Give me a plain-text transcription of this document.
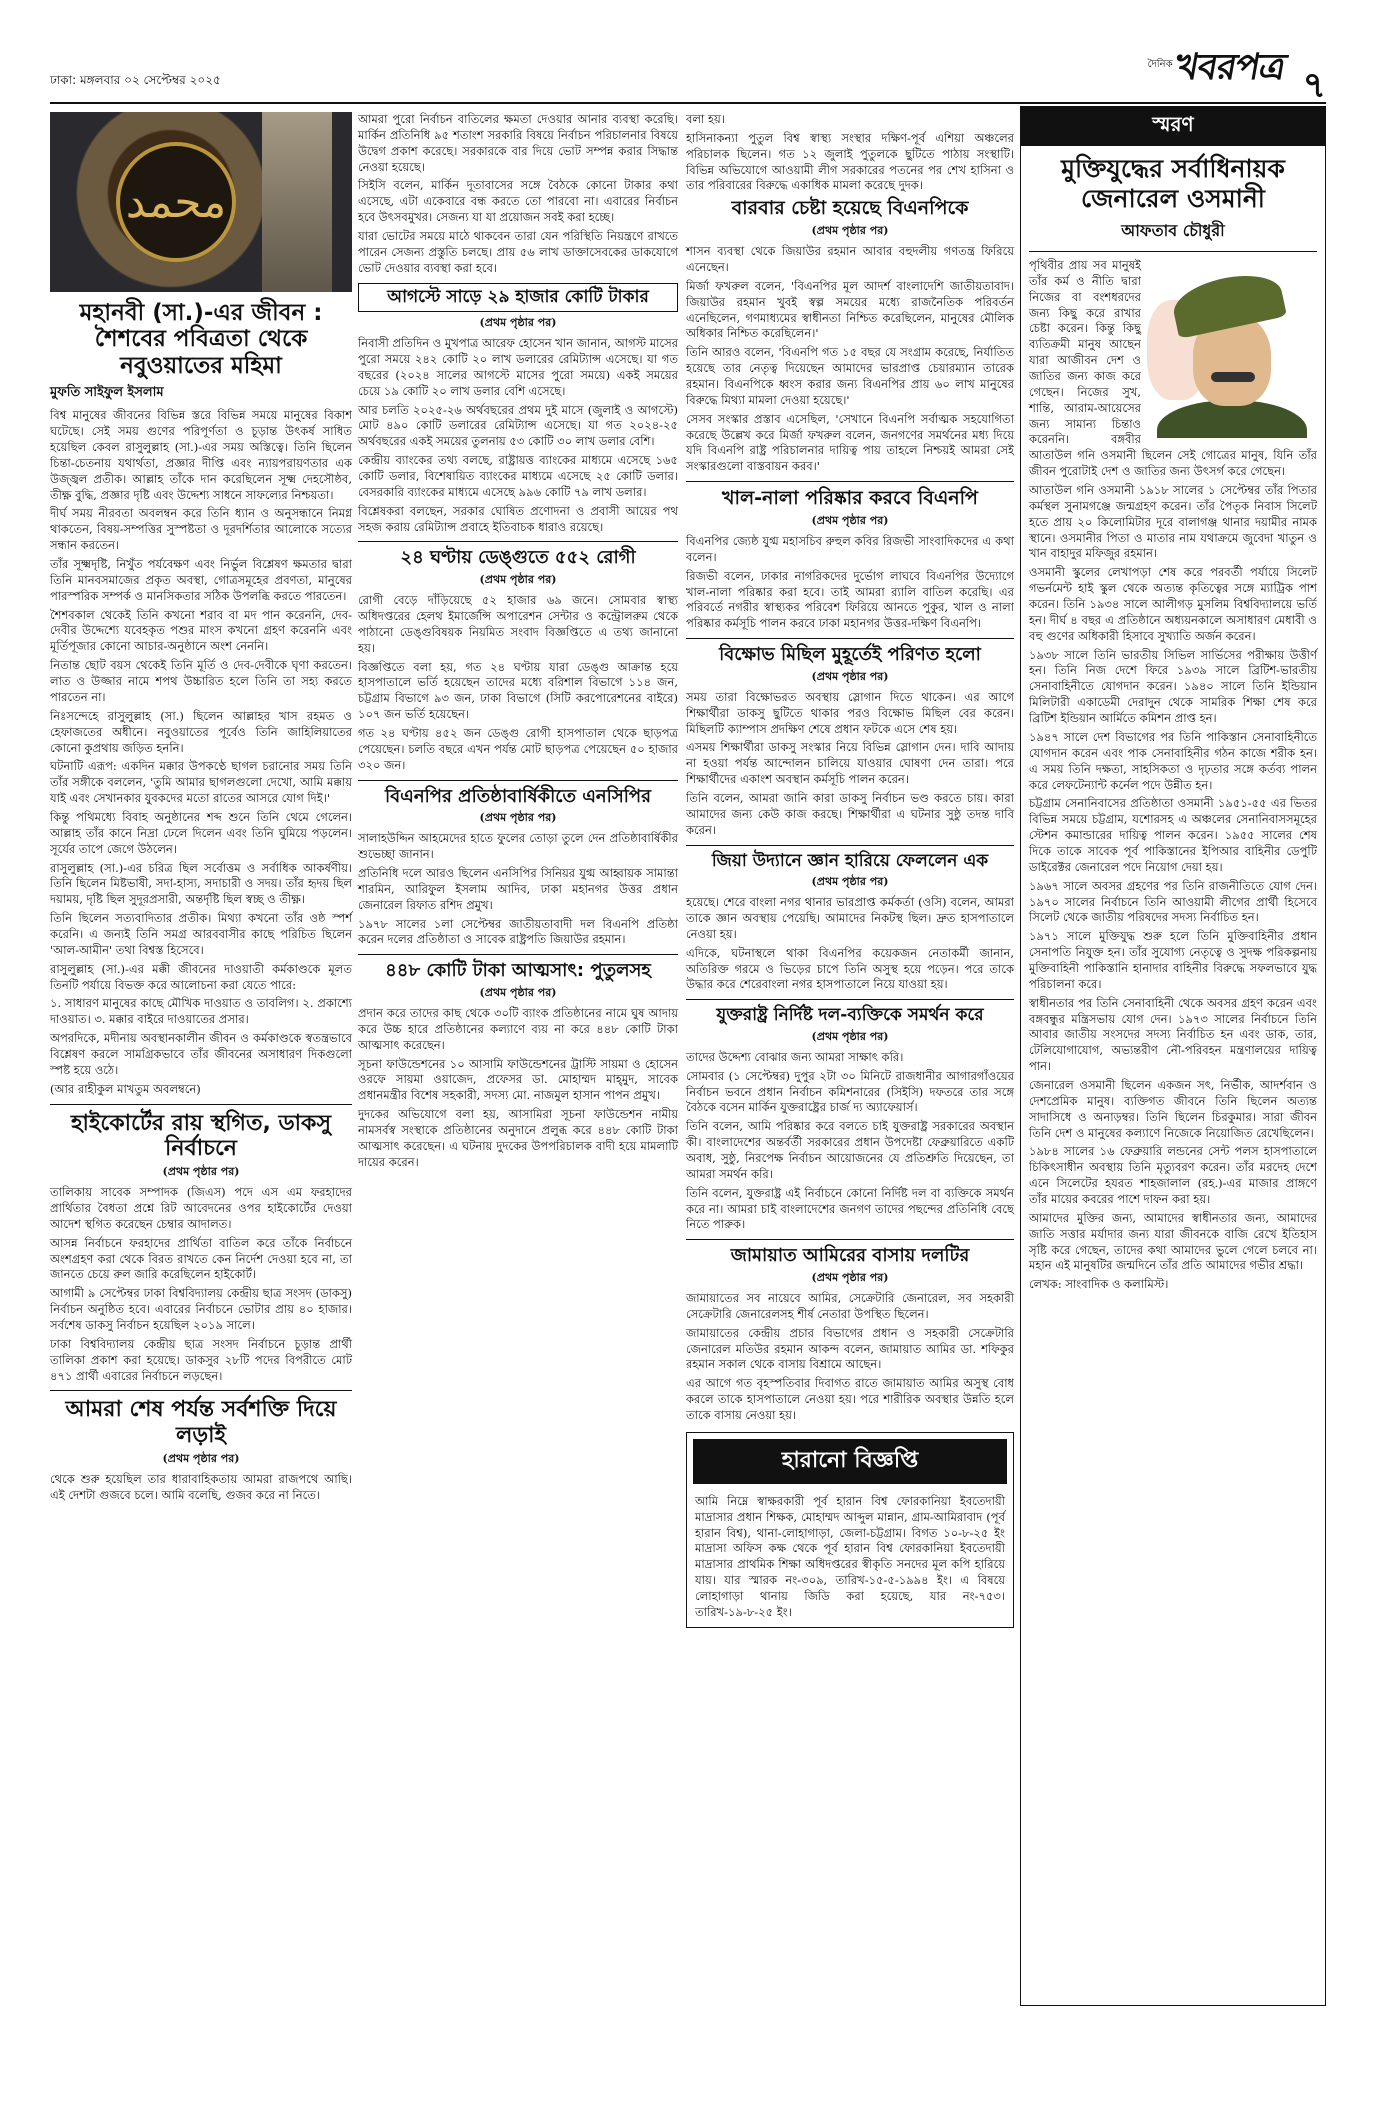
ঢাকা: মঙ্গলবার ০২ সেপ্টেম্বর ২০২৫
দৈনিক
খবরপত্র ৭
محمد
মহানবী (সা.)-এর জীবন : শৈশবের পবিত্রতা থেকে নবুওয়াতের মহিমা
মুফতি সাইফুল ইসলাম

বিশ্ব মানুষের জীবনের বিভিন্ন স্তরে বিভিন্ন সময়ে মানুষের বিকাশ ঘটেছে। সেই সময় গুণের পরিপূর্ণতা ও চূড়ান্ত উৎকর্ষ সাধিত হয়েছিল কেবল রাসুলুল্লাহ (সা.)-এর সময় অস্তিত্বে। তিনি ছিলেন চিন্তা-চেতনায় যথার্থতা, প্রজ্ঞার দীপ্তি এবং ন্যায়পরায়ণতার এক উজ্জ্বল প্রতীক। আল্লাহ তাঁকে দান করেছিলেন সূক্ষ্ম দেহসৌষ্ঠব, তীক্ষ্ণ বুদ্ধি, প্রজ্ঞার দৃষ্টি এবং উদ্দেশ্য সাধনে সাফল্যের নিশ্চয়তা।

দীর্ঘ সময় নীরবতা অবলম্বন করে তিনি ধ্যান ও অনুসন্ধানে নিমগ্ন থাকতেন, বিষয়-সম্পত্তির সুস্পষ্টতা ও দূরদর্শিতার আলোকে সত্যের সন্ধান করতেন।

তাঁর সূক্ষ্মদৃষ্টি, নিখুঁত পর্যবেক্ষণ এবং নির্ভুল বিশ্লেষণ ক্ষমতার দ্বারা তিনি মানবসমাজের প্রকৃত অবস্থা, গোত্রসমূহের প্রবণতা, মানুষের পারস্পরিক সম্পর্ক ও মানসিকতার সঠিক উপলব্ধি করতে পারতেন।

শৈশবকাল থেকেই তিনি কখনো শরাব বা মদ পান করেননি, দেব-দেবীর উদ্দেশ্যে যবেহকৃত পশুর মাংস কখনো গ্রহণ করেননি এবং মূর্তিপূজার কোনো আচার-অনুষ্ঠানে অংশ নেননি।

নিতান্ত ছোট বয়স থেকেই তিনি মূর্তি ও দেব-দেবীকে ঘৃণা করতেন। লাত ও উজ্জার নামে শপথ উচ্চারিত হলে তিনি তা সহ্য করতে পারতেন না।

নিঃসন্দেহে রাসুলুল্লাহ (সা.) ছিলেন আল্লাহর খাস রহমত ও হেফাজতের অধীনে। নবুওয়াতের পূর্বেও তিনি জাহিলিয়াতের কোনো কুপ্রথায় জড়িত হননি।

ঘটনাটি এরূপ: একদিন মক্কার উপকণ্ঠে ছাগল চরানোর সময় তিনি তাঁর সঙ্গীকে বললেন, 'তুমি আমার ছাগলগুলো দেখো, আমি মক্কায় যাই এবং সেখানকার যুবকদের মতো রাতের আসরে যোগ দিই।'

কিন্তু পথিমধ্যে বিবাহ অনুষ্ঠানের শব্দ শুনে তিনি থেমে গেলেন। আল্লাহ তাঁর কানে নিদ্রা ঢেলে দিলেন এবং তিনি ঘুমিয়ে পড়লেন। সূর্যের তাপে জেগে উঠলেন।

রাসুলুল্লাহ (সা.)-এর চরিত্র ছিল সর্বোত্তম ও সর্বাধিক আকর্ষণীয়। তিনি ছিলেন মিষ্টভাষী, সদা-হাস্য, সদাচারী ও সদয়। তাঁর হৃদয় ছিল দয়াময়, দৃষ্টি ছিল সুদূরপ্রসারী, অন্তর্দৃষ্টি ছিল স্বচ্ছ ও তীক্ষ্ণ।

তিনি ছিলেন সত্যবাদিতার প্রতীক। মিথ্যা কখনো তাঁর ওষ্ঠ স্পর্শ করেনি। এ জন্যই তিনি সমগ্র আরববাসীর কাছে পরিচিত ছিলেন 'আল-আমীন' তথা বিশ্বস্ত হিসেবে।

রাসুলুল্লাহ (সা.)-এর মক্কী জীবনের দাওয়াতী কর্মকাণ্ডকে মূলত তিনটি পর্যায়ে বিভক্ত করে আলোচনা করা যেতে পারে:

১. সাধারণ মানুষের কাছে মৌখিক দাওয়াত ও তাবলিগ। ২. প্রকাশ্যে দাওয়াত। ৩. মক্কার বাইরে দাওয়াতের প্রসার।

অপরদিকে, মদীনায় অবস্থানকালীন জীবন ও কর্মকাণ্ডকে স্বতন্ত্রভাবে বিশ্লেষণ করলে সামগ্রিকভাবে তাঁর জীবনের অসাধারণ দিকগুলো স্পষ্ট হয়ে ওঠে।

(আর রাহীকুল মাখতুম অবলম্বনে)

হাইকোর্টের রায় স্থগিত, ডাকসু নির্বাচনে
(প্রথম পৃষ্ঠার পর)

তালিকায় সাবেক সম্পাদক (জিএস) পদে এস এম ফরহাদের প্রার্থিতার বৈধতা প্রশ্নে রিট আবেদনের ওপর হাইকোর্টের দেওয়া আদেশ স্থগিত করেছেন চেম্বার আদালত।

আসন্ন নির্বাচনে ফরহাদের প্রার্থিতা বাতিল করে তাঁকে নির্বাচনে অংশগ্রহণ করা থেকে বিরত রাখতে কেন নির্দেশ দেওয়া হবে না, তা জানতে চেয়ে রুল জারি করেছিলেন হাইকোর্ট।

আগামী ৯ সেপ্টেম্বর ঢাকা বিশ্ববিদ্যালয় কেন্দ্রীয় ছাত্র সংসদ (ডাকসু) নির্বাচন অনুষ্ঠিত হবে। এবারের নির্বাচনে ভোটার প্রায় ৪০ হাজার। সর্বশেষ ডাকসু নির্বাচন হয়েছিল ২০১৯ সালে।

ঢাকা বিশ্ববিদ্যালয় কেন্দ্রীয় ছাত্র সংসদ নির্বাচনে চূড়ান্ত প্রার্থী তালিকা প্রকাশ করা হয়েছে। ডাকসুর ২৮টি পদের বিপরীতে মোট ৪৭১ প্রার্থী এবারের নির্বাচনে লড়ছেন।

আমরা শেষ পর্যন্ত সর্বশক্তি দিয়ে লড়াই
(প্রথম পৃষ্ঠার পর)

থেকে শুরু হয়েছিল তার ধারাবাহিকতায় আমরা রাজপথে আছি। এই দেশটা গুজবে চলে। আমি বলেছি, গুজব করে না নিতে।

আমরা পুরো নির্বাচন বাতিলের ক্ষমতা দেওয়ার আনার ব্যবস্থা করেছি। মার্কিন প্রতিনিধি ৯৫ শতাংশ সরকারি বিষয়ে নির্বাচন পরিচালনার বিষয়ে উদ্বেগ প্রকাশ করেছে। সরকারকে বার দিয়ে ভোট সম্পন্ন করার সিদ্ধান্ত নেওয়া হয়েছে।

সিইসি বলেন, মার্কিন দূতাবাসের সঙ্গে বৈঠকে কোনো টাকার কথা এসেছে, এটা একেবারে বন্ধ করতে তো পারবো না। এবারের নির্বাচন হবে উৎসবমুখর। সেজন্য যা যা প্রয়োজন সবই করা হচ্ছে।

যারা ভোটের সময়ে মাঠে থাকবেন তারা যেন পরিস্থিতি নিয়ন্ত্রণে রাখতে পারেন সেজন্য প্রস্তুতি চলছে। প্রায় ৫৬ লাখ ডাক্তাসেবকের ডাকযোগে ভোট দেওয়ার ব্যবস্থা করা হবে।

আগস্টে সাড়ে ২৯ হাজার কোটি টাকার
(প্রথম পৃষ্ঠার পর)

নিবাসী প্রতিদিন ও মুখপাত্র আরেফ হোসেন খান জানান, আগস্ট মাসের পুরো সময়ে ২৪২ কোটি ২০ লাখ ডলারের রেমিট্যান্স এসেছে। যা গত বছরের (২০২৪ সালের আগস্টে মাসের পুরো সময়ে) একই সময়ের চেয়ে ১৯ কোটি ২০ লাখ ডলার বেশি এসেছে।

আর চলতি ২০২৫-২৬ অর্থবছরের প্রথম দুই মাসে (জুলাই ও আগস্টে) মোট ৪৯০ কোটি ডলারের রেমিট্যান্স এসেছে। যা গত ২০২৪-২৫ অর্থবছরের একই সময়ের তুলনায় ৫৩ কোটি ৩০ লাখ ডলার বেশি।

কেন্দ্রীয় ব্যাংকের তথ্য বলছে, রাষ্ট্রায়ত্ত ব্যাংকের মাধ্যমে এসেছে ১৬৫ কোটি ডলার, বিশেষায়িত ব্যাংকের মাধ্যমে এসেছে ২৫ কোটি ডলার। বেসরকারি ব্যাংকের মাধ্যমে এসেছে ৯৯৬ কোটি ৭৯ লাখ ডলার।

বিশ্লেষকরা বলছেন, সরকার ঘোষিত প্রণোদনা ও প্রবাসী আয়ের পথ সহজ করায় রেমিট্যান্স প্রবাহে ইতিবাচক ধারাও রয়েছে।

২৪ ঘণ্টায় ডেঙ্গুতে ৫৫২ রোগী
(প্রথম পৃষ্ঠার পর)

রোগী বেড়ে দাঁড়িয়েছে ৫২ হাজার ৬৯ জনে। সোমবার স্বাস্থ্য অধিদপ্তরের হেলথ ইমার্জেন্সি অপারেশন সেন্টার ও কন্ট্রোলরুম থেকে পাঠানো ডেঙ্গুবিষয়ক নিয়মিত সংবাদ বিজ্ঞপ্তিতে এ তথ্য জানানো হয়।

বিজ্ঞপ্তিতে বলা হয়, গত ২৪ ঘণ্টায় যারা ডেঙ্গু আক্রান্ত হয়ে হাসপাতালে ভর্তি হয়েছেন তাদের মধ্যে বরিশাল বিভাগে ১১৪ জন, চট্টগ্রাম বিভাগে ৯৩ জন, ঢাকা বিভাগে (সিটি করপোরেশনের বাইরে) ১০৭ জন ভর্তি হয়েছেন।

গত ২৪ ঘণ্টায় ৪৫২ জন ডেঙ্গু রোগী হাসপাতাল থেকে ছাড়পত্র পেয়েছেন। চলতি বছরে এখন পর্যন্ত মোট ছাড়পত্র পেয়েছেন ৫০ হাজার ৩২০ জন।

বিএনপির প্রতিষ্ঠাবার্ষিকীতে এনসিপির
(প্রথম পৃষ্ঠার পর)

সালাহউদ্দিন আহমেদের হাতে ফুলের তোড়া তুলে দেন প্রতিষ্ঠাবার্ষিকীর শুভেচ্ছা জানান।

প্রতিনিধি দলে আরও ছিলেন এনসিপির সিনিয়র যুগ্ম আহ্বায়ক সামান্তা শারমিন, আরিফুল ইসলাম আদিব, ঢাকা মহানগর উত্তর প্রধান জেনারেল রিফাত রশিদ প্রমুখ।

১৯৭৮ সালের ১লা সেপ্টেম্বর জাতীয়তাবাদী দল বিএনপি প্রতিষ্ঠা করেন দলের প্রতিষ্ঠাতা ও সাবেক রাষ্ট্রপতি জিয়াউর রহমান।

৪৪৮ কোটি টাকা আত্মসাৎ: পুতুলসহ
(প্রথম পৃষ্ঠার পর)

প্রদান করে তাদের কাছ থেকে ৩০টি ব্যাংক প্রতিষ্ঠানের নামে ঘুষ আদায় করে উচ্চ হারে প্রতিষ্ঠানের কল্যাণে ব্যয় না করে ৪৪৮ কোটি টাকা আত্মসাৎ করেছেন।

সূচনা ফাউন্ডেশনের ১০ আসামি ফাউন্ডেশনের ট্রাস্টি সায়মা ও হোসেন ওরফে সায়মা ওয়াজেদ, প্রফেসর ডা. মোহাম্মদ মাহ্‌মুদ, সাবেক প্রধানমন্ত্রীর বিশেষ সহকারী, সদস্য মো. নাজমুল হাসান পাপন প্রমুখ।

দুদকের অভিযোগে বলা হয়, আসামিরা সূচনা ফাউন্ডেশন নামীয় নামসর্বস্ব সংস্থাকে প্রতিষ্ঠানের অনুদানে প্রলুব্ধ করে ৪৪৮ কোটি টাকা আত্মসাৎ করেছেন। এ ঘটনায় দুদকের উপপরিচালক বাদী হয়ে মামলাটি দায়ের করেন।

বলা হয়।

হাসিনাকন্যা পুতুল বিশ্ব স্বাস্থ্য সংস্থার দক্ষিণ-পূর্ব এশিয়া অঞ্চলের পরিচালক ছিলেন। গত ১২ জুলাই পুতুলকে ছুটিতে পাঠায় সংস্থাটি। বিভিন্ন অভিযোগে আওয়ামী লীগ সরকারের পতনের পর শেখ হাসিনা ও তার পরিবারের বিরুদ্ধে একাধিক মামলা করেছে দুদক।

বারবার চেষ্টা হয়েছে বিএনপিকে
(প্রথম পৃষ্ঠার পর)

শাসন ব্যবস্থা থেকে জিয়াউর রহমান আবার বহুদলীয় গণতন্ত্র ফিরিয়ে এনেছেন।

মির্জা ফখরুল বলেন, 'বিএনপির মূল আদর্শ বাংলাদেশি জাতীয়তাবাদ। জিয়াউর রহমান খুবই স্বল্প সময়ের মধ্যে রাজনৈতিক পরিবর্তন এনেছিলেন, গণমাধ্যমের স্বাধীনতা নিশ্চিত করেছিলেন, মানুষের মৌলিক অধিকার নিশ্চিত করেছিলেন।'

তিনি আরও বলেন, 'বিএনপি গত ১৫ বছর যে সংগ্রাম করেছে, নির্যাতিত হয়েছে তার নেতৃত্ব দিয়েছেন আমাদের ভারপ্রাপ্ত চেয়ারম্যান তারেক রহমান। বিএনপিকে ধ্বংস করার জন্য বিএনপির প্রায় ৬০ লাখ মানুষের বিরুদ্ধে মিথ্যা মামলা দেওয়া হয়েছে।'

সেসব সংস্কার প্রস্তাব এসেছিল, 'সেখানে বিএনপি সর্বাত্মক সহযোগিতা করেছে উল্লেখ করে মির্জা ফখরুল বলেন, জনগণের সমর্থনের মধ্য দিয়ে যদি বিএনপি রাষ্ট্র পরিচালনার দায়িত্ব পায় তাহলে নিশ্চয়ই আমরা সেই সংস্কারগুলো বাস্তবায়ন করব।'

খাল-নালা পরিষ্কার করবে বিএনপি
(প্রথম পৃষ্ঠার পর)

বিএনপির জ্যেষ্ঠ যুগ্ম মহাসচিব রুহুল কবির রিজভী সাংবাদিকদের এ কথা বলেন।

রিজভী বলেন, ঢাকার নাগরিকদের দুর্ভোগ লাঘবে বিএনপির উদ্যোগে খাল-নালা পরিষ্কার করা হবে। তাই আমরা র‍্যালি বাতিল করেছি। এর পরিবর্তে নগরীর স্বাস্থ্যকর পরিবেশ ফিরিয়ে আনতে পুকুর, খাল ও নালা পরিষ্কার কর্মসূচি পালন করবে ঢাকা মহানগর উত্তর-দক্ষিণ বিএনপি।

বিক্ষোভ মিছিল মুহূর্তেই পরিণত হলো
(প্রথম পৃষ্ঠার পর)

সময় তারা বিক্ষোভরত অবস্থায় স্লোগান দিতে থাকেন। এর আগে শিক্ষার্থীরা ডাকসু ছুটিতে থাকার পরও বিক্ষোভ মিছিল বের করেন। মিছিলটি ক্যাম্পাস প্রদক্ষিণ শেষে প্রধান ফটকে এসে শেষ হয়।

এসময় শিক্ষার্থীরা ডাকসু সংস্কার নিয়ে বিভিন্ন স্লোগান দেন। দাবি আদায় না হওয়া পর্যন্ত আন্দোলন চালিয়ে যাওয়ার ঘোষণা দেন তারা। পরে শিক্ষার্থীদের একাংশ অবস্থান কর্মসূচি পালন করেন।

তিনি বলেন, আমরা জানি কারা ডাকসু নির্বাচন ভণ্ড করতে চায়। কারা আমাদের জন্য কেউ কাজ করছে। শিক্ষার্থীরা এ ঘটনার সুষ্ঠু তদন্ত দাবি করেন।

জিয়া উদ্যানে জ্ঞান হারিয়ে ফেললেন এক
(প্রথম পৃষ্ঠার পর)

হয়েছে। শেরে বাংলা নগর থানার ভারপ্রাপ্ত কর্মকর্তা (ওসি) বলেন, আমরা তাকে জ্ঞান অবস্থায় পেয়েছি। আমাদের নিকটস্থ ছিল। দ্রুত হাসপাতালে নেওয়া হয়।

এদিকে, ঘটনাস্থলে থাকা বিএনপির কয়েকজন নেতাকর্মী জানান, অতিরিক্ত গরমে ও ভিড়ের চাপে তিনি অসুস্থ হয়ে পড়েন। পরে তাকে উদ্ধার করে শেরেবাংলা নগর হাসপাতালে নিয়ে যাওয়া হয়।

যুক্তরাষ্ট্র নির্দিষ্ট দল-ব্যক্তিকে সমর্থন করে
(প্রথম পৃষ্ঠার পর)

তাদের উদ্দেশ্য বোঝার জন্য আমরা সাক্ষাৎ করি।

সোমবার (১ সেপ্টেম্বর) দুপুর ২টা ৩০ মিনিটে রাজধানীর আগারগাঁওয়ের নির্বাচন ভবনে প্রধান নির্বাচন কমিশনারের (সিইসি) দফতরে তার সঙ্গে বৈঠকে বসেন মার্কিন যুক্তরাষ্ট্রের চার্জ দ্য অ্যাফেয়ার্স।

তিনি বলেন, আমি পরিষ্কার করে বলতে চাই যুক্তরাষ্ট্র সরকারের অবস্থান কী। বাংলাদেশের অন্তর্বর্তী সরকারের প্রধান উপদেষ্টা ফেব্রুয়ারিতে একটি অবাধ, সুষ্ঠু, নিরপেক্ষ নির্বাচন আয়োজনের যে প্রতিশ্রুতি দিয়েছেন, তা আমরা সমর্থন করি।

তিনি বলেন, যুক্তরাষ্ট্র এই নির্বাচনে কোনো নির্দিষ্ট দল বা ব্যক্তিকে সমর্থন করে না। আমরা চাই বাংলাদেশের জনগণ তাদের পছন্দের প্রতিনিধি বেছে নিতে পারুক।

জামায়াত আমিরের বাসায় দলটির
(প্রথম পৃষ্ঠার পর)

জামায়াতের সব নায়েবে আমির, সেক্রেটারি জেনারেল, সব সহকারী সেক্রেটারি জেনারেলসহ শীর্ষ নেতারা উপস্থিত ছিলেন।

জামায়াতের কেন্দ্রীয় প্রচার বিভাগের প্রধান ও সহকারী সেক্রেটারি জেনারেল মতিউর রহমান আকন্দ বলেন, জামায়াত আমির ডা. শফিকুর রহমান সকাল থেকে বাসায় বিশ্রামে আছেন।

এর আগে গত বৃহস্পতিবার দিবাগত রাতে জামায়াত আমির অসুস্থ বোধ করলে তাকে হাসপাতালে নেওয়া হয়। পরে শারীরিক অবস্থার উন্নতি হলে তাকে বাসায় নেওয়া হয়।

হারানো বিজ্ঞপ্তি
আমি নিম্নে স্বাক্ষরকারী পূর্ব হারান বিশ্ব ফোরকানিয়া ইবতেদায়ী মাদ্রাসার প্রধান শিক্ষক, মোহাম্মদ আব্দুল মান্নান, গ্রাম-আমিরাবাদ (পূর্ব হারান বিশ্ব), থানা-লোহাগাড়া, জেলা-চট্টগ্রাম। বিগত ১০-৮-২৫ ইং মাদ্রাসা অফিস কক্ষ থেকে পূর্ব হারান বিশ্ব ফোরকানিয়া ইবতেদায়ী মাদ্রাসার প্রাথমিক শিক্ষা অধিদপ্তরের স্বীকৃতি সনদের মূল কপি হারিয়ে যায়। যার স্মারক নং-৩০৯, তারিখ-১৫-৫-১৯৯৪ ইং। এ বিষয়ে লোহাগাড়া থানায় জিডি করা হয়েছে, যার নং-৭৫৩। তারিখ-১৯-৮-২৫ ইং।
স্মরণ
মুক্তিযুদ্ধের সর্বাধিনায়ক জেনারেল ওসমানী
আফতাব চৌধুরী

পৃথিবীর প্রায় সব মানুষই তাঁর কর্ম ও নীতি দ্বারা নিজের বা বংশধরদের জন্য কিছু করে রাখার চেষ্টা করেন। কিন্তু কিছু ব্যতিক্রমী মানুষ আছেন যারা আজীবন দেশ ও জাতির জন্য কাজ করে গেছেন। নিজের সুখ, শান্তি, আরাম-আয়েসের জন্য সামান্য চিন্তাও করেননি। বঙ্গবীর আতাউল গনি ওসমানী ছিলেন সেই গোত্রের মানুষ, যিনি তাঁর জীবন পুরোটাই দেশ ও জাতির জন্য উৎসর্গ করে গেছেন।

আতাউল গনি ওসমানী ১৯১৮ সালের ১ সেপ্টেম্বর তাঁর পিতার কর্মস্থল সুনামগঞ্জে জন্মগ্রহণ করেন। তাঁর পৈতৃক নিবাস সিলেট হতে প্রায় ২০ কিলোমিটার দূরে বালাগঞ্জ থানার দয়ামীর নামক স্থানে। ওসমানীর পিতা ও মাতার নাম যথাক্রমে জুবেদা খাতুন ও খান বাহাদুর মফিজুর রহমান।

ওসমানী স্কুলের লেখাপড়া শেষ করে পরবর্তী পর্যায়ে সিলেট গভর্নমেন্ট হাই স্কুল থেকে অত্যন্ত কৃতিত্বের সঙ্গে ম্যাট্রিক পাশ করেন। তিনি ১৯৩৪ সালে আলীগড় মুসলিম বিশ্ববিদ্যালয়ে ভর্তি হন। দীর্ঘ ৪ বছর এ প্রতিষ্ঠানে অধ্যয়নকালে অসাধারণ মেধাবী ও বহু গুণের অধিকারী হিসাবে সুখ্যাতি অর্জন করেন।

১৯৩৮ সালে তিনি ভারতীয় সিভিল সার্ভিসের পরীক্ষায় উত্তীর্ণ হন। তিনি নিজ দেশে ফিরে ১৯৩৯ সালে ব্রিটিশ-ভারতীয় সেনাবাহিনীতে যোগদান করেন। ১৯৪০ সালে তিনি ইন্ডিয়ান মিলিটারী একাডেমী দেরাদুন থেকে সামরিক শিক্ষা শেষ করে ব্রিটিশ ইন্ডিয়ান আর্মিতে কমিশন প্রাপ্ত হন।

১৯৪৭ সালে দেশ বিভাগের পর তিনি পাকিস্তান সেনাবাহিনীতে যোগদান করেন এবং পাক সেনাবাহিনীর গঠন কাজে শরীক হন। এ সময় তিনি দক্ষতা, সাহসিকতা ও দৃঢ়তার সঙ্গে কর্তব্য পালন করে লেফটেন্যান্ট কর্নেল পদে উন্নীত হন।

চট্টগ্রাম সেনানিবাসের প্রতিষ্ঠাতা ওসমানী ১৯৫১-৫৫ এর ভিতর বিভিন্ন সময়ে চট্টগ্রাম, যশোরসহ এ অঞ্চলের সেনানিবাসসমূহের স্টেশন কমান্ডারের দায়িত্ব পালন করেন। ১৯৫৫ সালের শেষ দিকে তাকে সাবেক পূর্ব পাকিস্তানের ইপিআর বাহিনীর ডেপুটি ডাইরেক্টর জেনারেল পদে নিয়োগ দেয়া হয়।

১৯৬৭ সালে অবসর গ্রহণের পর তিনি রাজনীতিতে যোগ দেন। ১৯৭০ সালের নির্বাচনে তিনি আওয়ামী লীগের প্রার্থী হিসেবে সিলেট থেকে জাতীয় পরিষদের সদস্য নির্বাচিত হন।

১৯৭১ সালে মুক্তিযুদ্ধ শুরু হলে তিনি মুক্তিবাহিনীর প্রধান সেনাপতি নিযুক্ত হন। তাঁর সুযোগ্য নেতৃত্বে ও সুদক্ষ পরিকল্পনায় মুক্তিবাহিনী পাকিস্তানি হানাদার বাহিনীর বিরুদ্ধে সফলভাবে যুদ্ধ পরিচালনা করে।

স্বাধীনতার পর তিনি সেনাবাহিনী থেকে অবসর গ্রহণ করেন এবং বঙ্গবন্ধুর মন্ত্রিসভায় যোগ দেন। ১৯৭৩ সালের নির্বাচনে তিনি আবার জাতীয় সংসদের সদস্য নির্বাচিত হন এবং ডাক, তার, টেলিযোগাযোগ, অভ্যন্তরীণ নৌ-পরিবহন মন্ত্রণালয়ের দায়িত্ব পান।

জেনারেল ওসমানী ছিলেন একজন সৎ, নির্ভীক, আদর্শবান ও দেশপ্রেমিক মানুষ। ব্যক্তিগত জীবনে তিনি ছিলেন অত্যন্ত সাদাসিধে ও অনাড়ম্বর। তিনি ছিলেন চিরকুমার। সারা জীবন তিনি দেশ ও মানুষের কল্যাণে নিজেকে নিয়োজিত রেখেছিলেন।

১৯৮৪ সালের ১৬ ফেব্রুয়ারি লন্ডনের সেন্ট পলস হাসপাতালে চিকিৎসাধীন অবস্থায় তিনি মৃত্যুবরণ করেন। তাঁর মরদেহ দেশে এনে সিলেটের হযরত শাহজালাল (রহ.)-এর মাজার প্রাঙ্গণে তাঁর মায়ের কবরের পাশে দাফন করা হয়।

আমাদের মুক্তির জন্য, আমাদের স্বাধীনতার জন্য, আমাদের জাতি সত্তার মর্যাদার জন্য যারা জীবনকে বাজি রেখে ইতিহাস সৃষ্টি করে গেছেন, তাদের কথা আমাদের ভুলে গেলে চলবে না। মহান এই মানুষটির জন্মদিনে তাঁর প্রতি আমাদের গভীর শ্রদ্ধা।

লেখক: সাংবাদিক ও কলামিস্ট।
